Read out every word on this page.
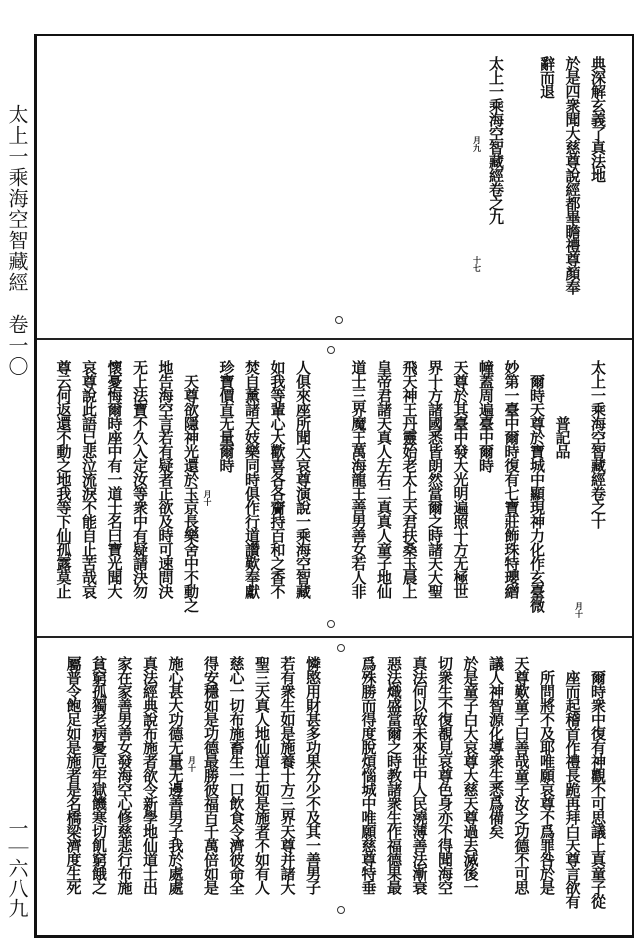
太上一乘海空智藏經　卷一〇
一｜六八九
典深解玄義了真法地
於是四衆聞大慈尊說經都畢瞻禮尊顏奉
辭而退
太上一乘海空智藏經卷之九
月九
十七
太上一乘海空智藏經卷之十
月十
　　　　普記品
　爾時天尊於寶城中顯現神力化作玄臺微
妙第一臺中爾時復有七寶莊飾珠特瓔繒
幢蓋周遍臺中爾時
天尊於其臺中發大光明遍照十方无極世
界十方諸國悉皆朗然當爾之時諸天大聖
飛天神王丹靈始老太上天君扶桑玉晨上
皇帝君諸天真人左右二真真人童子地仙
道士三界魔王萬海龍王善男善女若人非
人俱來座所聞大哀尊演說一乘海空智藏
如我等輩心大歡喜各各齎持百和之香不
焚自薰諸天妓樂同時俱作行道讚歎奉獻
珍寶價直无量爾時
月十
　天尊欲隱神光還於玉京長樂舍中不動之
地告海空言若有疑者正欲及時可速問決
无上法寶不久入定汝等衆中有疑請決勿
懷憂悔爾時座中有一道士名曰寶光聞大
哀尊說此語已悲泣流淚不能自止苦哉哀
尊云何返還不動之地我等下仙孤露莫止
　爾時衆中復有神觀不可思議上真童子從
　座而起稽首作禮長跪再拜白天尊言欲有
　所問將不及耶唯願哀尊不爲罪咎於是
天尊歎童子曰善哉童子汝之功德不可思
議人神智源化導衆生悉爲備矣
於是童子白大哀尊大慈天尊過去滅後一
切衆生不復覩見哀尊色身亦不得聞海空
真法何以故未來世中人民澆薄善法漸衰
惡法熾盛當爾之時教諸衆生作福德果最
爲殊勝而得度脫煩惱城中唯願慈尊特垂
憐愍用財甚多功果分少不及其一善男子
若有衆生如是施養十方三界天尊并諸大
聖三天真人地仙道士如是施者不如有人
慈心一切布施畜生一口飲食令濟彼命全
得安穩如是功德最勝彼福百千萬倍如是
月十
施心甚大功德无量无邊善男子我於處處
真法經典說布施者欲令新學地仙道士出
家在家善男善女發海空心修慈悲行布施
貧窮孤獨老病憂厄牢獄饑寒切飢窮餓之
屬普令飽足如是施者是名橋梁濟度生死
